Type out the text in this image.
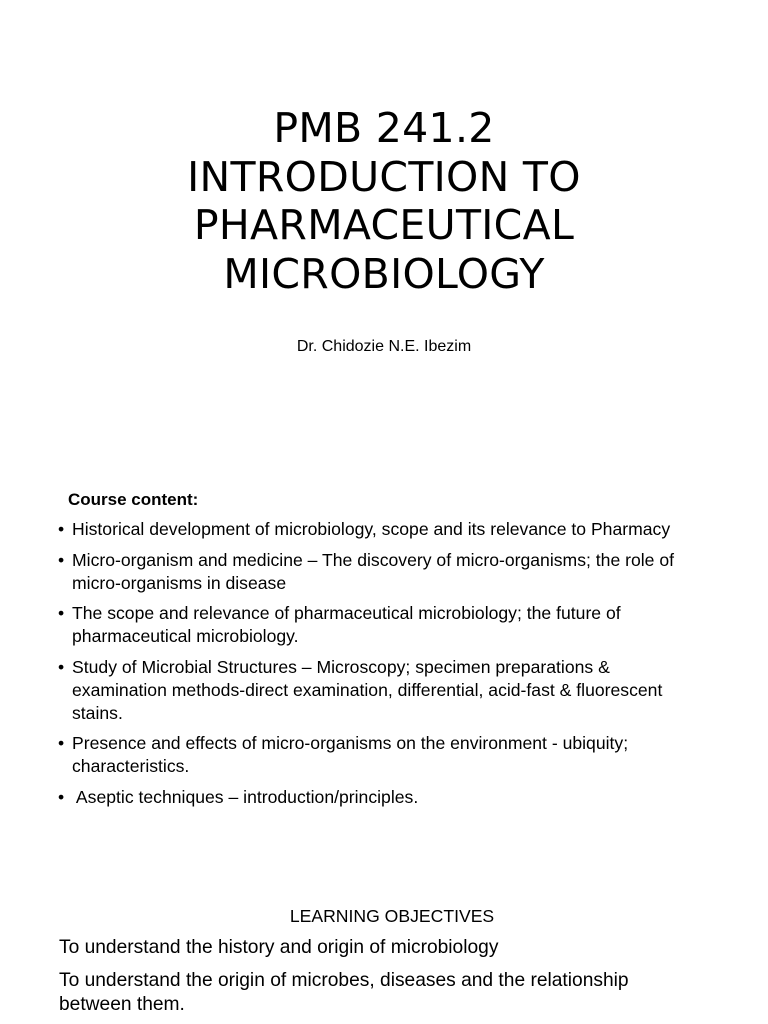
PMB 241.2
INTRODUCTION TO
PHARMACEUTICAL
MICROBIOLOGY
Dr. Chidozie N.E. Ibezim
Course content:
• Historical development of microbiology, scope and its relevance to Pharmacy
• Micro-organism and medicine – The discovery of micro-organisms; the role of micro-organisms in disease
• The scope and relevance of pharmaceutical microbiology; the future of pharmaceutical microbiology.
• Study of Microbial Structures – Microscopy; specimen preparations & examination methods-direct examination, differential, acid-fast & fluorescent stains.
• Presence and effects of micro-organisms on the environment - ubiquity; characteristics.
• Aseptic techniques – introduction/principles.
LEARNING OBJECTIVES
To understand the history and origin of microbiology
To understand the origin of microbes, diseases and the relationship between them.
